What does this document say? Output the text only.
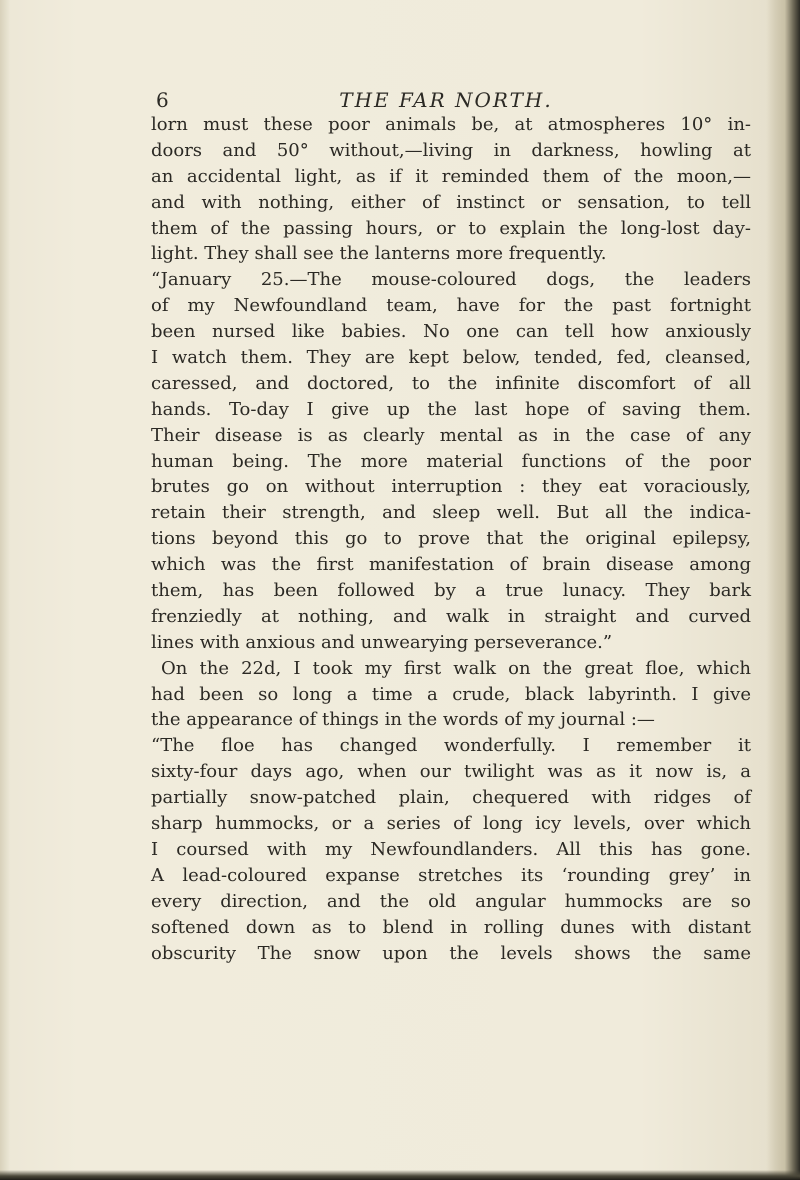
6	THE FAR NORTH.
lorn must these poor animals be, at atmospheres 10° in-
doors and 50° without,—living in darkness, howling at
an accidental light, as if it reminded them of the moon,—
and with nothing, either of instinct or sensation, to tell
them of the passing hours, or to explain the long-lost day-
light. They shall see the lanterns more frequently.
“January 25.—The mouse-coloured dogs, the leaders
of my Newfoundland team, have for the past fortnight
been nursed like babies. No one can tell how anxiously
I watch them. They are kept below, tended, fed, cleansed,
caressed, and doctored, to the infinite discomfort of all
hands. To-day I give up the last hope of saving them.
Their disease is as clearly mental as in the case of any
human being. The more material functions of the poor
brutes go on without interruption : they eat voraciously,
retain their strength, and sleep well. But all the indica-
tions beyond this go to prove that the original epilepsy,
which was the first manifestation of brain disease among
them, has been followed by a true lunacy. They bark
frenziedly at nothing, and walk in straight and curved
lines with anxious and unwearying perseverance.”
On the 22d, I took my first walk on the great floe, which
had been so long a time a crude, black labyrinth. I give
the appearance of things in the words of my journal :—
“The floe has changed wonderfully. I remember it
sixty-four days ago, when our twilight was as it now is, a
partially snow-patched plain, chequered with ridges of
sharp hummocks, or a series of long icy levels, over which
I coursed with my Newfoundlanders. All this has gone.
A lead-coloured expanse stretches its ‘rounding grey’ in
every direction, and the old angular hummocks are so
softened down as to blend in rolling dunes with distant
obscurity The snow upon the levels shows the same
